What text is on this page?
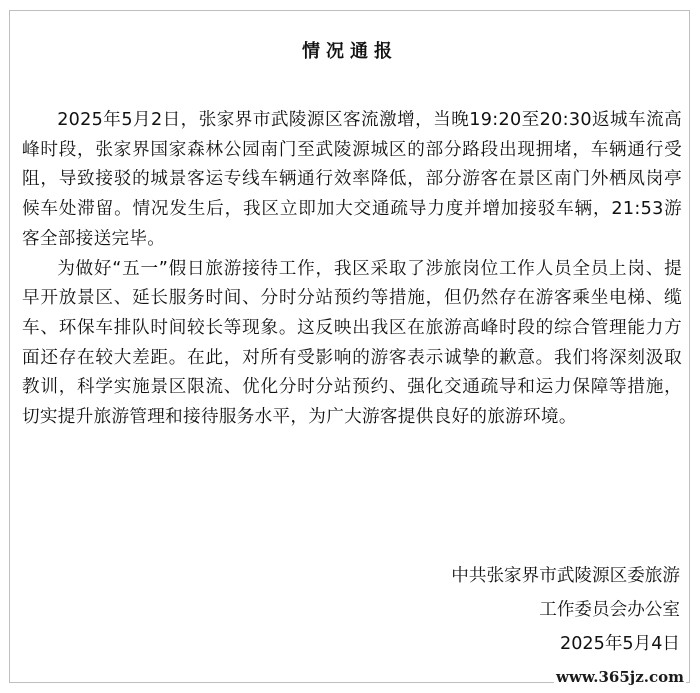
情况通报

2025年5月2日，张家界市武陵源区客流激增，当晚19:20至20:30返城车流高峰时段，张家界国家森林公园南门至武陵源城区的部分路段出现拥堵，车辆通行受阻，导致接驳的城景客运专线车辆通行效率降低，部分游客在景区南门外栖凤岗亭候车处滞留。情况发生后，我区立即加大交通疏导力度并增加接驳车辆，21:53游客全部接送完毕。

为做好“五一”假日旅游接待工作，我区采取了涉旅岗位工作人员全员上岗、提早开放景区、延长服务时间、分时分站预约等措施，但仍然存在游客乘坐电梯、缆车、环保车排队时间较长等现象。这反映出我区在旅游高峰时段的综合管理能力方面还存在较大差距。在此，对所有受影响的游客表示诚挚的歉意。我们将深刻汲取教训，科学实施景区限流、优化分时分站预约、强化交通疏导和运力保障等措施，切实提升旅游管理和接待服务水平，为广大游客提供良好的旅游环境。

中共张家界市武陵源区委旅游
工作委员会办公室
2025年5月4日
www.365jz.com
